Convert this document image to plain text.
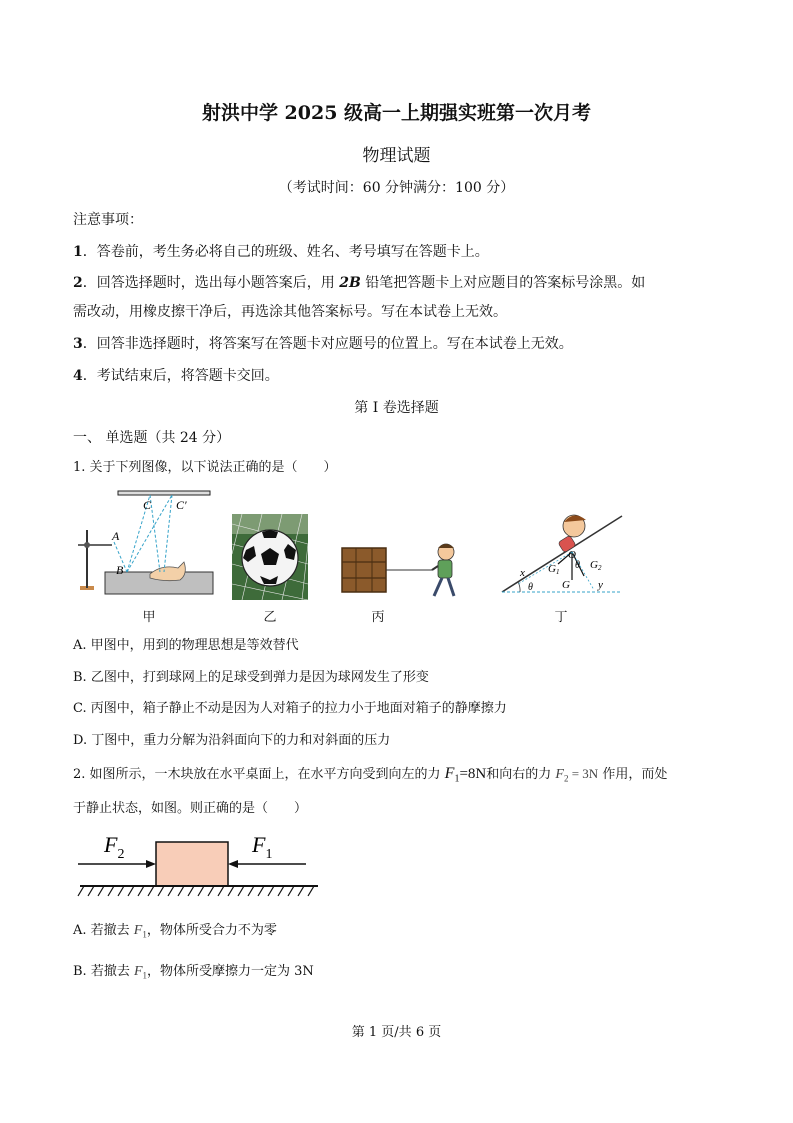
射洪中学 2025 级高一上期强实班第一次月考
物理试题
（考试时间：60 分钟满分：100 分）
注意事项：
1．答卷前，考生务必将自己的班级、姓名、考号填写在答题卡上。
2．回答选择题时，选出每小题答案后，用 2B 铅笔把答题卡上对应题目的答案标号涂黑。如
需改动，用橡皮擦干净后，再选涂其他答案标号。写在本试卷上无效。
3．回答非选择题时，将答案写在答题卡对应题号的位置上。写在本试卷上无效。
4．考试结束后，将答题卡交回。
第 I 卷选择题
一、 单选题（共 24 分）
1. 关于下列图像，以下说法正确的是（　　）
A
B
C C′
甲	乙	丙
O
θ
θ
x
y
G
G1
G2
丁
A. 甲图中，用到的物理思想是等效替代
B. 乙图中，打到球网上的足球受到弹力是因为球网发生了形变
C. 丙图中，箱子静止不动是因为人对箱子的拉力小于地面对箱子的静摩擦力
D. 丁图中，重力分解为沿斜面向下的力和对斜面的压力
2. 如图所示，一木块放在水平桌面上，在水平方向受到向左的力 $F_1=8N$和向右的力 $F_2 = 3N$ 作用，而处
于静止状态，如图。则正确的是（　　）
$F_2$	$F_1$
A. 若撤去 $F_1$，物体所受合力不为零
B. 若撤去 $F_1$，物体所受摩擦力一定为 3N
第 1 页/共 6 页
